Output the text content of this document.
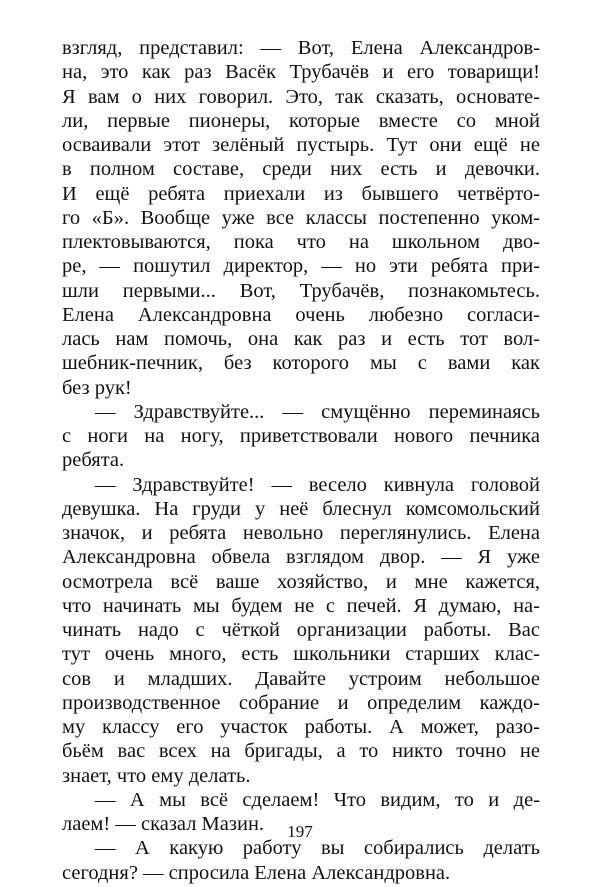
взгляд, представил: — Вот, Елена Александров-
на, это как раз Васёк Трубачёв и его товарищи!
Я вам о них говорил. Это, так сказать, основате-
ли, первые пионеры, которые вместе со мной
осваивали этот зелёный пустырь. Тут они ещё не
в полном составе, среди них есть и девочки.
И ещё ребята приехали из бывшего четвёрто-
го «Б». Вообще уже все классы постепенно уком-
плектовываются, пока что на школьном дво-
ре, — пошутил директор, — но эти ребята при-
шли первыми... Вот, Трубачёв, познакомьтесь.
Елена Александровна очень любезно согласи-
лась нам помочь, она как раз и есть тот вол-
шебник-печник, без которого мы с вами как
без рук!
— Здравствуйте... — смущённо переминаясь
с ноги на ногу, приветствовали нового печника
ребята.
— Здравствуйте! — весело кивнула головой
девушка. На груди у неё блеснул комсомольский
значок, и ребята невольно переглянулись. Елена
Александровна обвела взглядом двор. — Я уже
осмотрела всё ваше хозяйство, и мне кажется,
что начинать мы будем не с печей. Я думаю, на-
чинать надо с чёткой организации работы. Вас
тут очень много, есть школьники старших клас-
сов и младших. Давайте устроим небольшое
производственное собрание и определим каждо-
му классу его участок работы. А может, разо-
бьём вас всех на бригады, а то никто точно не
знает, что ему делать.
— А мы всё сделаем! Что видим, то и де-
лаем! — сказал Мазин.
— А какую работу вы собирались делать
сегодня? — спросила Елена Александровна.
197
